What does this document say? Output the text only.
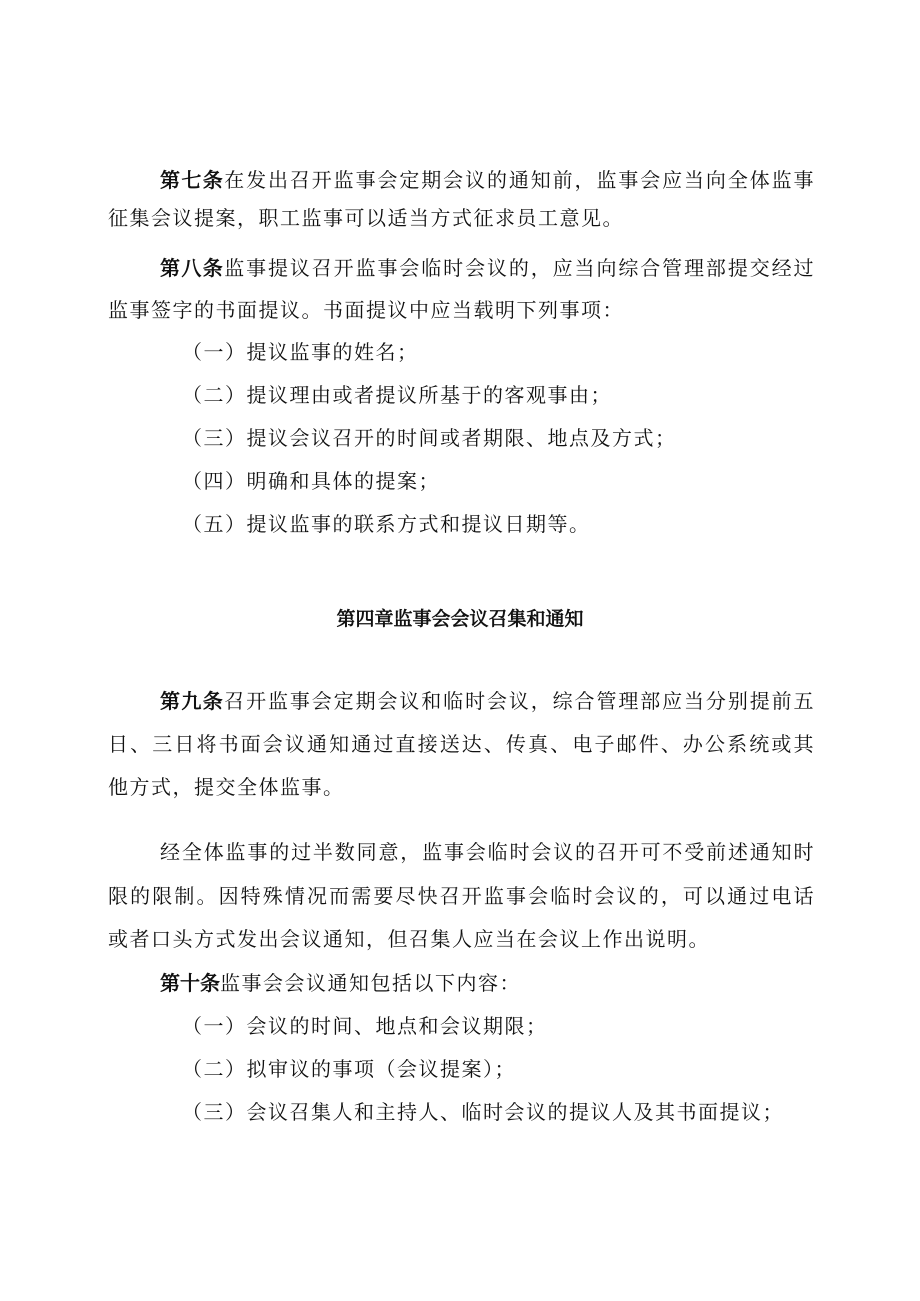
第七条在发出召开监事会定期会议的通知前，监事会应当向全体监事
征集会议提案，职工监事可以适当方式征求员工意见。
第八条监事提议召开监事会临时会议的，应当向综合管理部提交经过
监事签字的书面提议。书面提议中应当载明下列事项：
（一）提议监事的姓名；
（二）提议理由或者提议所基于的客观事由；
（三）提议会议召开的时间或者期限、地点及方式；
（四）明确和具体的提案；
（五）提议监事的联系方式和提议日期等。
第四章监事会会议召集和通知
第九条召开监事会定期会议和临时会议，综合管理部应当分别提前五
日、三日将书面会议通知通过直接送达、传真、电子邮件、办公系统或其
他方式，提交全体监事。
经全体监事的过半数同意，监事会临时会议的召开可不受前述通知时
限的限制。因特殊情况而需要尽快召开监事会临时会议的，可以通过电话
或者口头方式发出会议通知，但召集人应当在会议上作出说明。
第十条监事会会议通知包括以下内容：
（一）会议的时间、地点和会议期限；
（二）拟审议的事项（会议提案）；
（三）会议召集人和主持人、临时会议的提议人及其书面提议；
